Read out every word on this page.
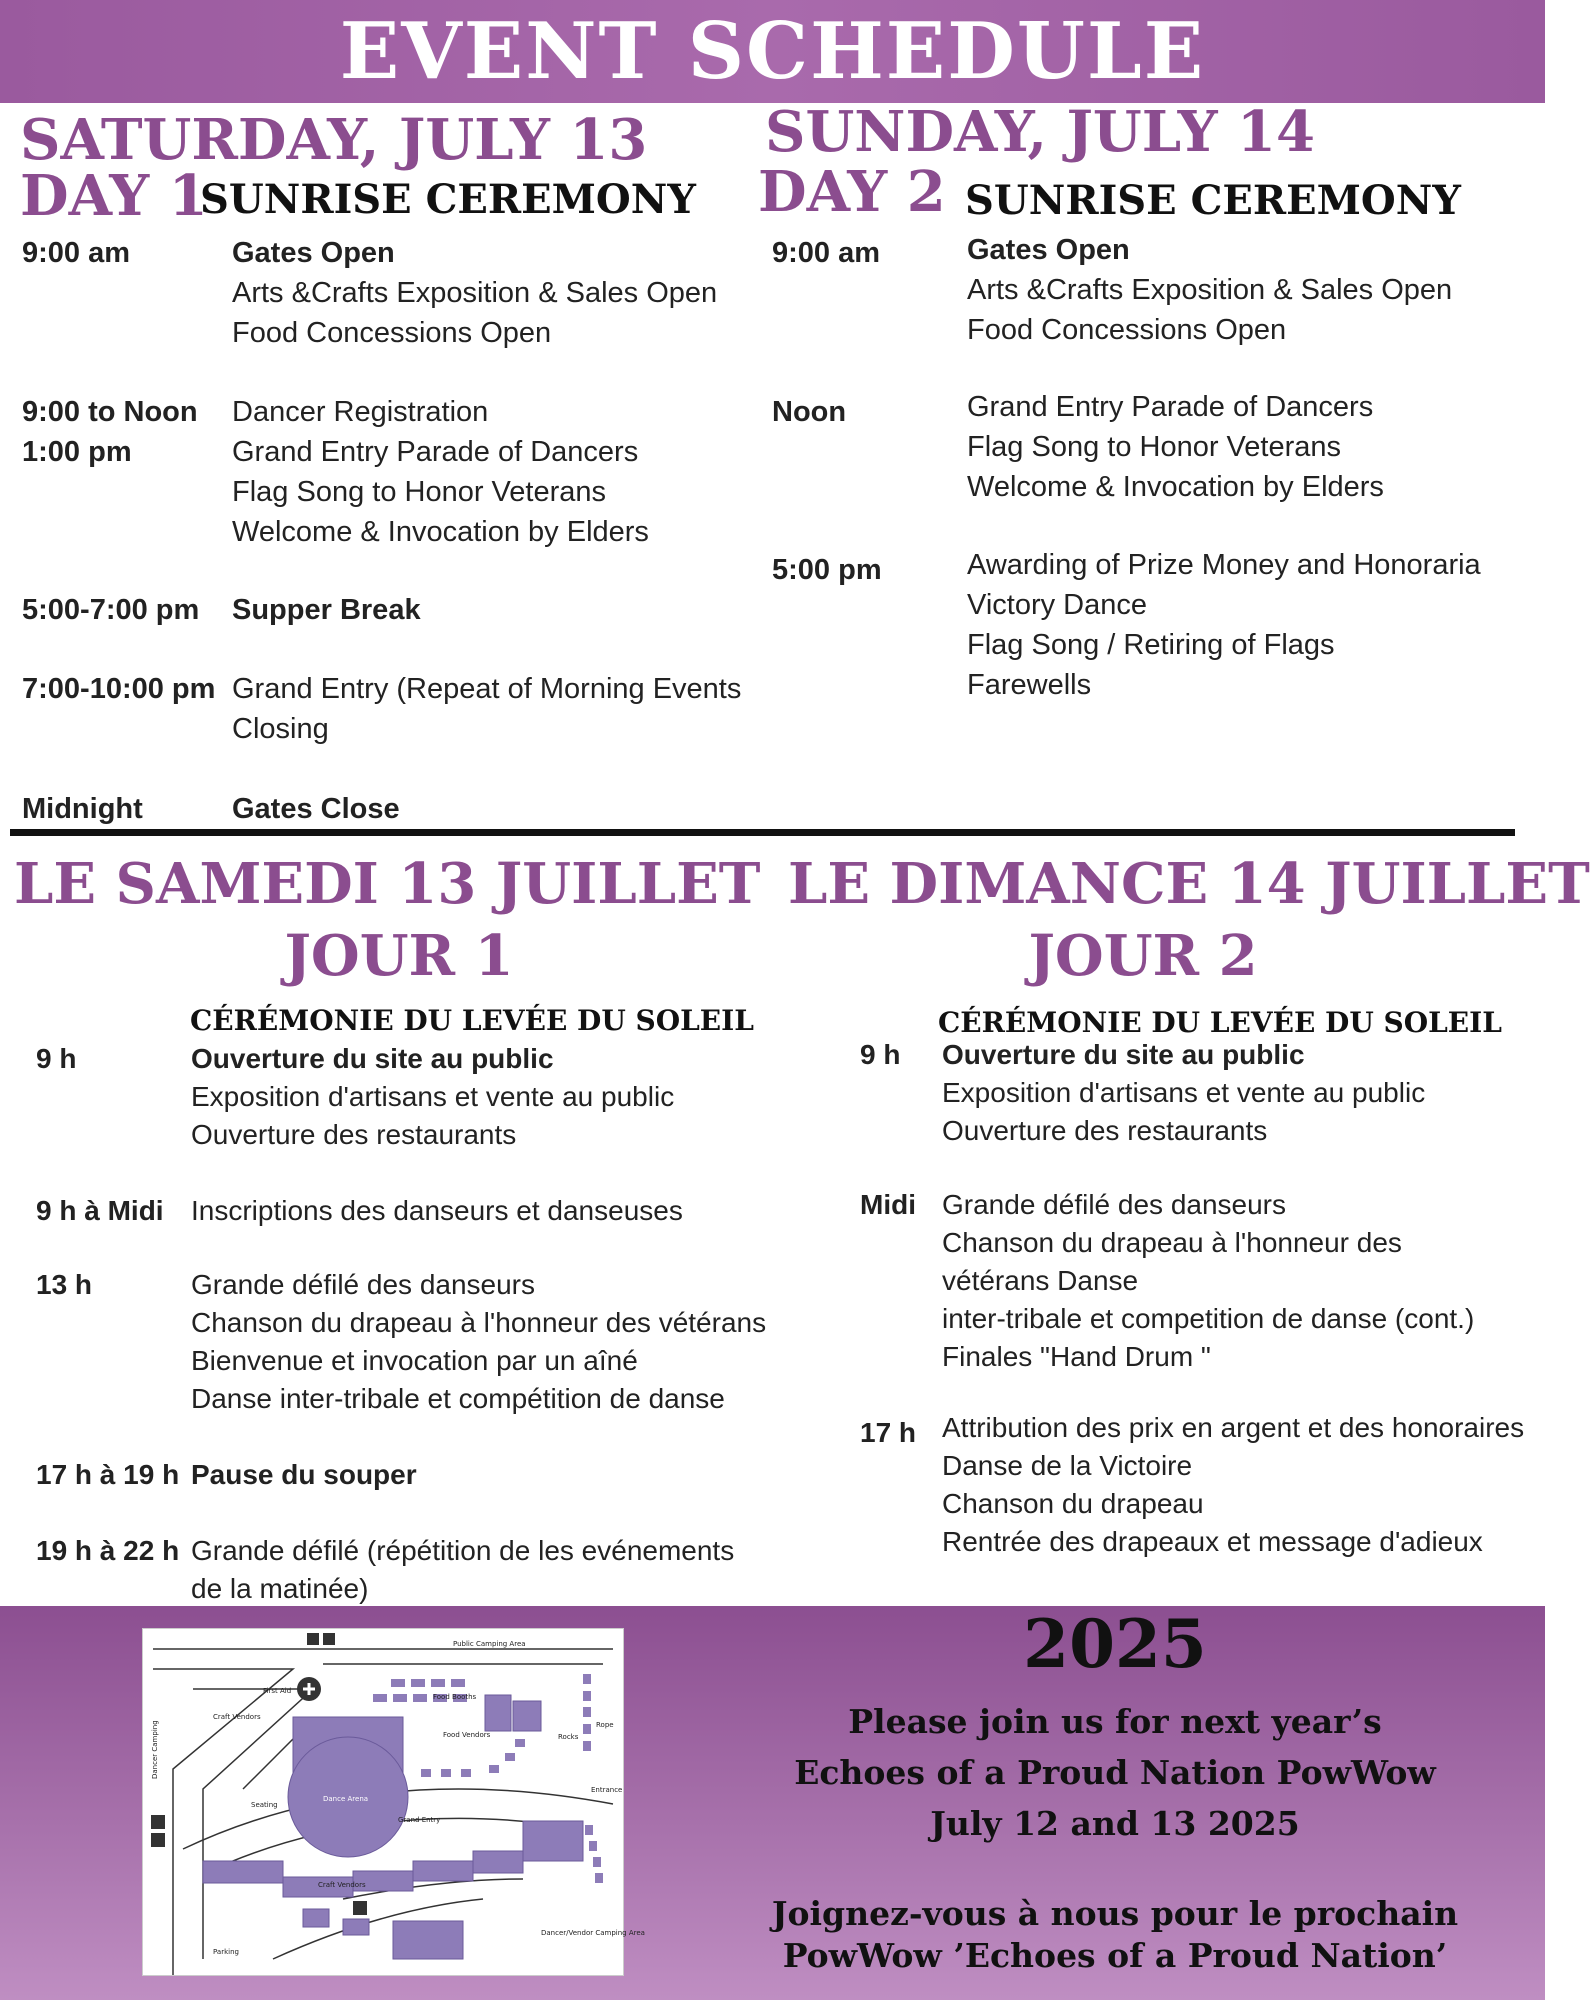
EVENT SCHEDULE

SATURDAY, JULY 13

DAY 1

SUNRISE CEREMONY

9:00 am	Gates Open
Arts &Crafts Exposition & Sales Open
Food Concessions Open
9:00 to Noon Dancer Registration
1:00 pm	Grand Entry Parade of Dancers
Flag Song to Honor Veterans
Welcome & Invocation by Elders
5:00-7:00 pm Supper Break
7:00-10:00 pm Grand Entry (Repeat of Morning Events
Closing
Midnight	Gates Close

SUNDAY, JULY 14

DAY 2 SUNRISE CEREMONY

9:00 am	Gates Open
Arts &Crafts Exposition & Sales Open
Food Concessions Open
Noon	Grand Entry Parade of Dancers
Flag Song to Honor Veterans
Welcome & Invocation by Elders
5:00 pm	Awarding of Prize Money and Honoraria
Victory Dance
Flag Song / Retiring of Flags
Farewells

LE SAMEDI 13 JUILLET

JOUR 1

CÉRÉMONIE DU LEVÉE DU SOLEIL

9 h	Ouverture du site au public
Exposition d'artisans et vente au public
Ouverture des restaurants
9 h à Midi Inscriptions des danseurs et danseuses
13 h	Grande défilé des danseurs
Chanson du drapeau à l'honneur des vétérans
Bienvenue et invocation par un aîné
Danse inter-tribale et compétition de danse
17 h à 19 h Pause du souper
19 h à 22 h Grande défilé (répétition de les evénements
de la matinée)

LE DIMANCE 14 JUILLET

JOUR 2

CÉRÉMONIE DU LEVÉE DU SOLEIL

9 h Ouverture du site au public
Exposition d'artisans et vente au public
Ouverture des restaurants
Midi Grande défilé des danseurs
Chanson du drapeau à l'honneur des
vétérans Danse
inter-tribale et competition de danse (cont.)
Finales "Hand Drum "
17 h Attribution des prix en argent et des honoraires
Danse de la Victoire
Chanson du drapeau
Rentrée des drapeaux et message d'adieux
Public Camping Area
First Aid
Food Booths
Craft Vendors
Food Vendors	Rocks
Rope
Dancer Camping
Dance Arena
Seating
Entrance
Grand Entry
Craft Vendors
Parking
Dancer/Vendor Camping Area
2025
Please join us for next year’s
Echoes of a Proud Nation PowWow
July 12 and 13 2025
Joignez-vous à nous pour le prochain
PowWow ’Echoes of a Proud Nation’
